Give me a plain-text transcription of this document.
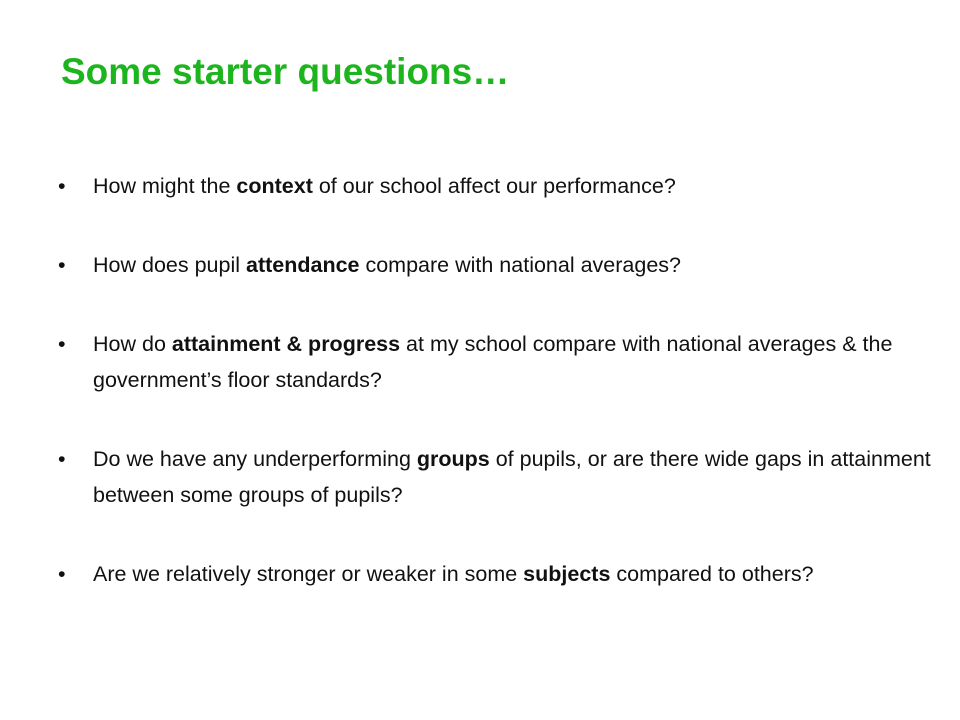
Some starter questions…
• How might the context of our school affect our performance?
• How does pupil attendance compare with national averages?
• How do attainment & progress at my school compare with national averages & the government’s floor standards?
• Do we have any underperforming groups of pupils, or are there wide gaps in attainment between some groups of pupils?
• Are we relatively stronger or weaker in some subjects compared to others?
